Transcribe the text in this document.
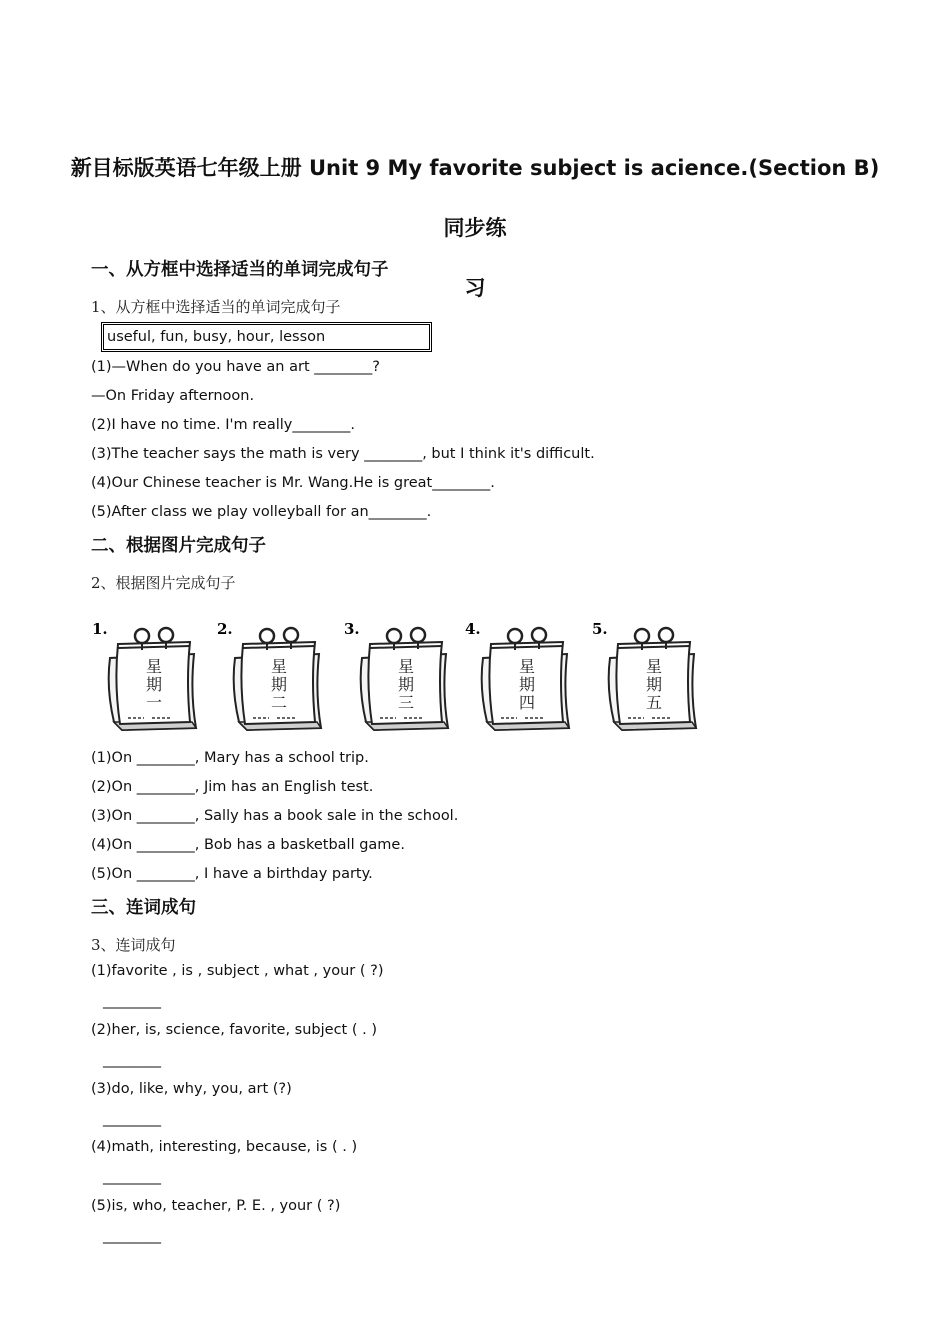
新目标版英语七年级上册 Unit 9 My favorite subject is acience.(Section B) 同步练
习
一、从方框中选择适当的单词完成句子
1、从方框中选择适当的单词完成句子
useful, fun, busy, hour, lesson
(1)—When do you have an art ________?
—On Friday afternoon.
(2)I have no time. I'm really________.
(3)The teacher says the math is very ________, but I think it's difficult.
(4)Our Chinese teacher is Mr. Wang.He is great________.
(5)After class we play volleyball for an________.
二、根据图片完成句子
2、根据图片完成句子
1.
星
期
一
2.
星
期
二
3.
星
期
三
4.
星
期
四
5.
星
期
五
(1)On ________, Mary has a school trip.
(2)On ________, Jim has an English test.
(3)On ________, Sally has a book sale in the school.
(4)On ________, Bob has a basketball game.
(5)On ________, I have a birthday party.
三、连词成句
3、连词成句
(1)favorite , is , subject , what , your ( ?)
________
(2)her, is, science, favorite, subject ( . )
________
(3)do, like, why, you, art (?)
________
(4)math, interesting, because, is ( . )
________
(5)is, who, teacher, P. E. , your ( ?)
________
